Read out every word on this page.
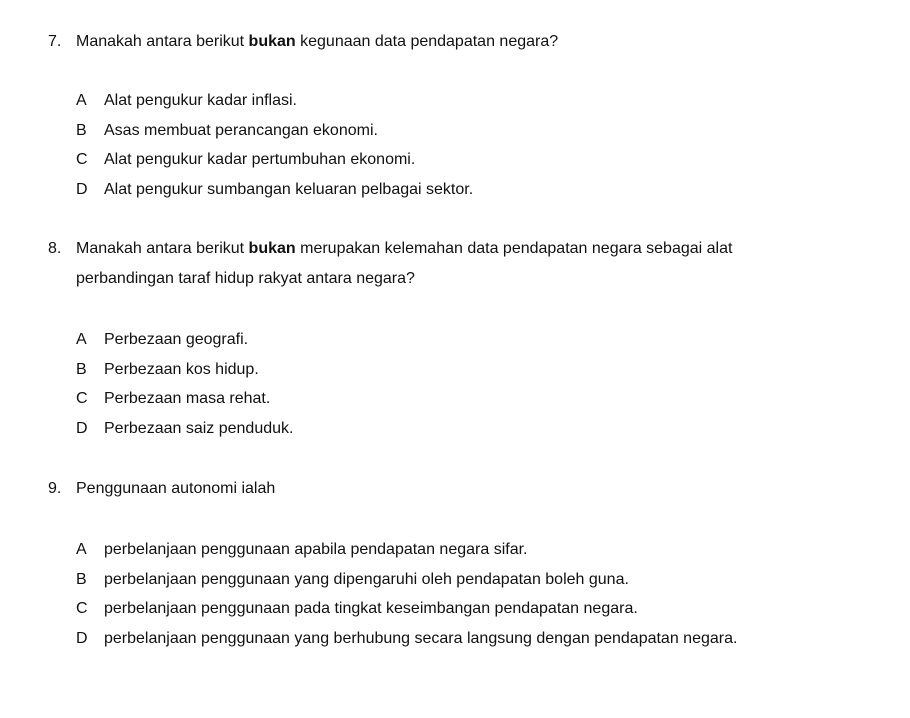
7. Manakah antara berikut bukan kegunaan data pendapatan negara?
A Alat pengukur kadar inflasi.
B Asas membuat perancangan ekonomi.
C Alat pengukur kadar pertumbuhan ekonomi.
D Alat pengukur sumbangan keluaran pelbagai sektor.
8. Manakah antara berikut bukan merupakan kelemahan data pendapatan negara sebagai alat
perbandingan taraf hidup rakyat antara negara?
A Perbezaan geografi.
B Perbezaan kos hidup.
C Perbezaan masa rehat.
D Perbezaan saiz penduduk.
9. Penggunaan autonomi ialah
A perbelanjaan penggunaan apabila pendapatan negara sifar.
B perbelanjaan penggunaan yang dipengaruhi oleh pendapatan boleh guna.
C perbelanjaan penggunaan pada tingkat keseimbangan pendapatan negara.
D perbelanjaan penggunaan yang berhubung secara langsung dengan pendapatan negara.
